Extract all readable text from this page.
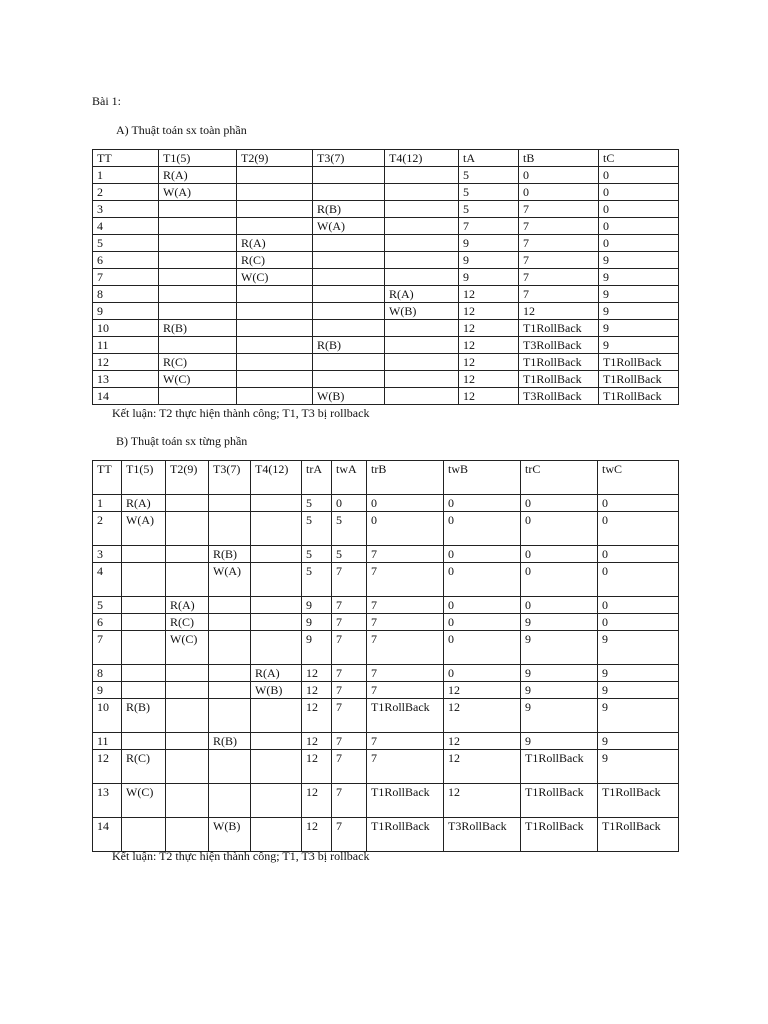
Bài 1:
A) Thuật toán sx toàn phần
TT	T1(5)	T2(9)	T3(7)	T4(12)	tA	tB	tC
1	R(A)				5	0	0
2	W(A)				5	0	0
3			R(B)		5	7	0
4			W(A)		7	7	0
5		R(A)			9	7	0
6		R(C)			9	7	9
7		W(C)			9	7	9
8				R(A)	12	7	9
9				W(B)	12	12	9
10	R(B)				12	T1RollBack	9
11			R(B)		12	T3RollBack	9
12	R(C)				12	T1RollBack	T1RollBack
13	W(C)				12	T1RollBack	T1RollBack
14			W(B)		12	T3RollBack	T1RollBack
Kết luận: T2 thực hiện thành công; T1, T3 bị rollback
B) Thuật toán sx từng phần
TT	T1(5)	T2(9)	T3(7)	T4(12)	trA	twA	trB	twB	trC	twC
1	R(A)				5	0	0	0	0	0
2	W(A)				5	5	0	0	0	0
3			R(B)		5	5	7	0	0	0
4			W(A)		5	7	7	0	0	0
5		R(A)			9	7	7	0	0	0
6		R(C)			9	7	7	0	9	0
7		W(C)			9	7	7	0	9	9
8				R(A)	12	7	7	0	9	9
9				W(B)	12	7	7	12	9	9
10	R(B)				12	7	T1RollBack	12	9	9
11			R(B)		12	7	7	12	9	9
12	R(C)				12	7	7	12	T1RollBack	9
13	W(C)				12	7	T1RollBack	12	T1RollBack	T1RollBack
14			W(B)		12	7	T1RollBack	T3RollBack	T1RollBack	T1RollBack
Kết luận: T2 thực hiện thành công; T1, T3 bị rollback
